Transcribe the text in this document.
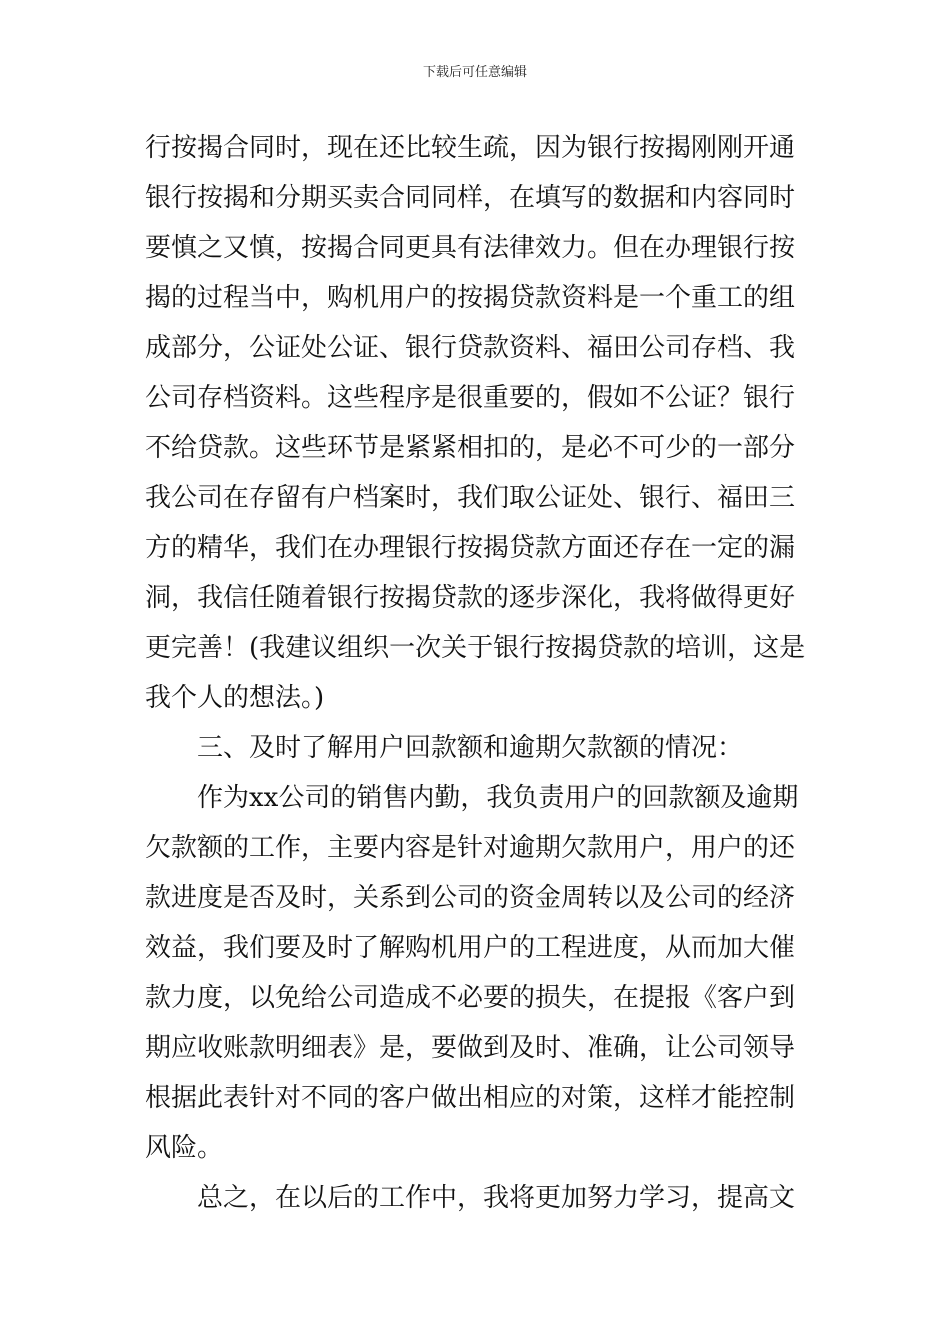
下载后可任意编辑
行按揭合同时，现在还比较生疏，因为银行按揭刚刚开通
银行按揭和分期买卖合同同样，在填写的数据和内容同时
要慎之又慎，按揭合同更具有法律效力。但在办理银行按
揭的过程当中，购机用户的按揭贷款资料是一个重工的组
成部分，公证处公证、银行贷款资料、福田公司存档、我
公司存档资料。这些程序是很重要的，假如不公证？银行
不给贷款。这些环节是紧紧相扣的，是必不可少的一部分
我公司在存留有户档案时，我们取公证处、银行、福田三
方的精华，我们在办理银行按揭贷款方面还存在一定的漏
洞，我信任随着银行按揭贷款的逐步深化，我将做得更好
更完善！(我建议组织一次关于银行按揭贷款的培训，这是
我个人的想法。)
三、及时了解用户回款额和逾期欠款额的情况：
作为xx公司的销售内勤，我负责用户的回款额及逾期
欠款额的工作，主要内容是针对逾期欠款用户，用户的还
款进度是否及时，关系到公司的资金周转以及公司的经济
效益，我们要及时了解购机用户的工程进度，从而加大催
款力度，以免给公司造成不必要的损失，在提报《客户到
期应收账款明细表》是，要做到及时、准确，让公司领导
根据此表针对不同的客户做出相应的对策，这样才能控制
风险。
总之，在以后的工作中，我将更加努力学习，提高文
